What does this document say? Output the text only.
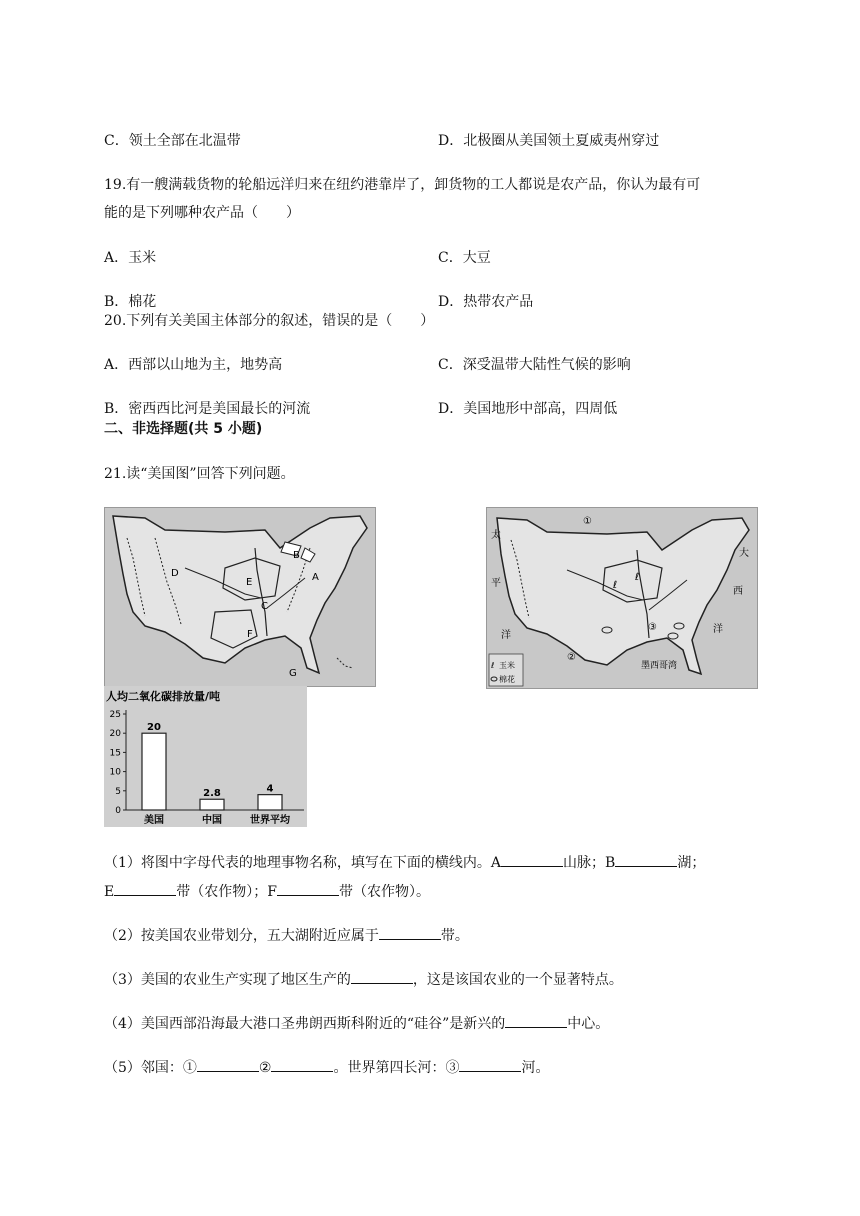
C．领土全部在北温带	D．北极圈从美国领土夏威夷州穿过
19.有一艘满载货物的轮船远洋归来在纽约港靠岸了，卸货物的工人都说是农产品，你认为最有可
能的是下列哪种农产品（　　）
A．玉米	C．大豆
B．棉花	D．热带农产品
20.下列有关美国主体部分的叙述，错误的是（　　）
A．西部以山地为主，地势高	C．深受温带大陆性气候的影响
B．密西西比河是美国最长的河流	D．美国地形中部高，四周低
二、非选择题(共 5 小题)
21.读“美国图”回答下列问题。
D
E
C
F
A
B
G
ℓ
ℓ
①
②
③
太
平
洋
大
西
洋
墨西哥湾
ℓ 玉米
棉花
人均二氧化碳排放量/吨
0
5
10
15
20
25
20
美国
2.8
中国
4
世界平均
（1）将图中字母代表的地理事物名称，填写在下面的横线内。A	山脉；B	湖；
E	带（农作物）；F	带（农作物）。
（2）按美国农业带划分，五大湖附近应属于	带。
（3）美国的农业生产实现了地区生产的	，这是该国农业的一个显著特点。
（4）美国西部沿海最大港口圣弗朗西斯科附近的“硅谷”是新兴的	中心。
（5）邻国：①	②	。世界第四长河：③	河。
